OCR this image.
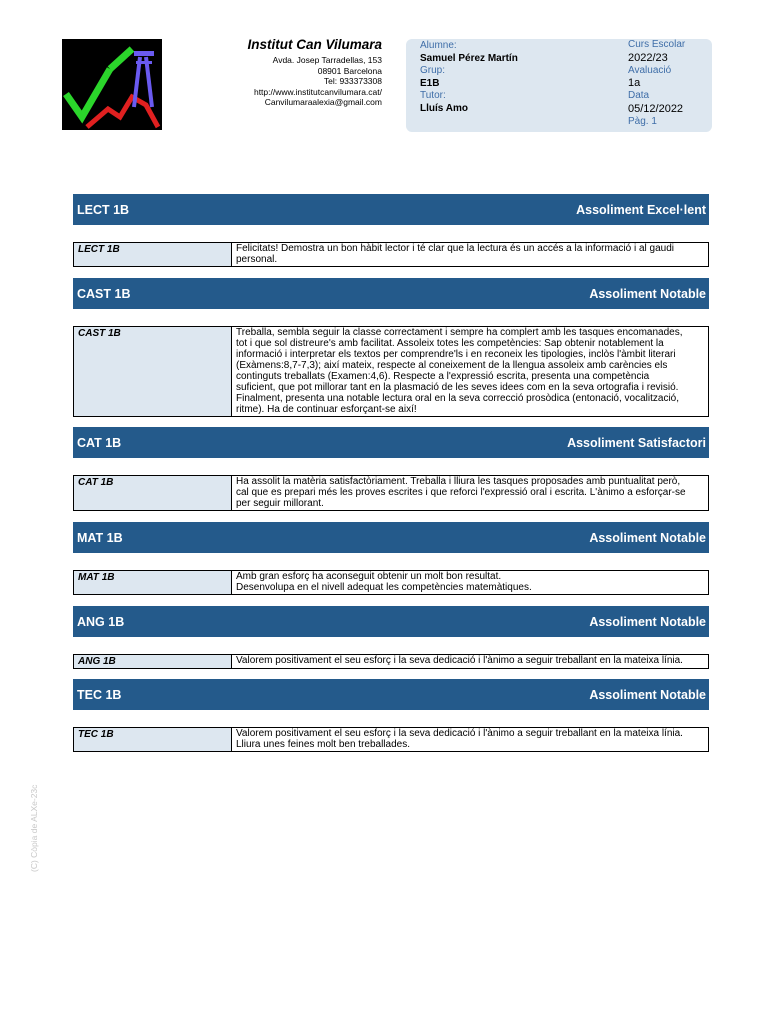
Institut Can Vilumara
Avda. Josep Tarradellas, 153
08901 Barcelona
Tel: 933373308
http://www.institutcanvilumara.cat/
Canvilumaraalexia@gmail.com
Alumne:
Samuel Pérez Martín
Grup:
E1B
Tutor:
Lluís Amo
Curs Escolar
2022/23
Avaluació
1a
Data
05/12/2022
Pàg. 1
LECT 1B	Assoliment Excel·lent
LECT 1B	Felicitats! Demostra un bon hàbit lector i té clar que la lectura és un accés a la informació i al gaudi
personal.
CAST 1B	Assoliment Notable
CAST 1B	Treballa, sembla seguir la classe correctament i sempre ha complert amb les tasques encomanades,
tot i que sol distreure's amb facilitat. Assoleix totes les competències: Sap obtenir notablement la
informació i interpretar els textos per comprendre'ls i en reconeix les tipologies, inclòs l'àmbit literari
(Exàmens:8,7-7,3); així mateix, respecte al coneixement de la llengua assoleix amb carències els
continguts treballats (Examen:4,6). Respecte a l'expressió escrita, presenta una competència
suficient, que pot millorar tant en la plasmació de les seves idees com en la seva ortografia i revisió.
Finalment, presenta una notable lectura oral en la seva correcció prosòdica (entonació, vocalització,
ritme). Ha de continuar esforçant-se així!
CAT 1B	Assoliment Satisfactori
CAT 1B	Ha assolit la matèria satisfactòriament. Treballa i lliura les tasques proposades amb puntualitat però,
cal que es prepari més les proves escrites i que reforci l'expressió oral i escrita. L'ànimo a esforçar-se
per seguir millorant.
MAT 1B	Assoliment Notable
MAT 1B	Amb gran esforç ha aconseguit obtenir un molt bon resultat.
Desenvolupa en el nivell adequat les competències matemàtiques.
ANG 1B	Assoliment Notable
ANG 1B	Valorem positivament el seu esforç i la seva dedicació i l'ànimo a seguir treballant en la mateixa línia.
TEC 1B	Assoliment Notable
TEC 1B	Valorem positivament el seu esforç i la seva dedicació i l'ànimo a seguir treballant en la mateixa línia.
Lliura unes feines molt ben treballades.
(C) Còpia de ALXe-23c
